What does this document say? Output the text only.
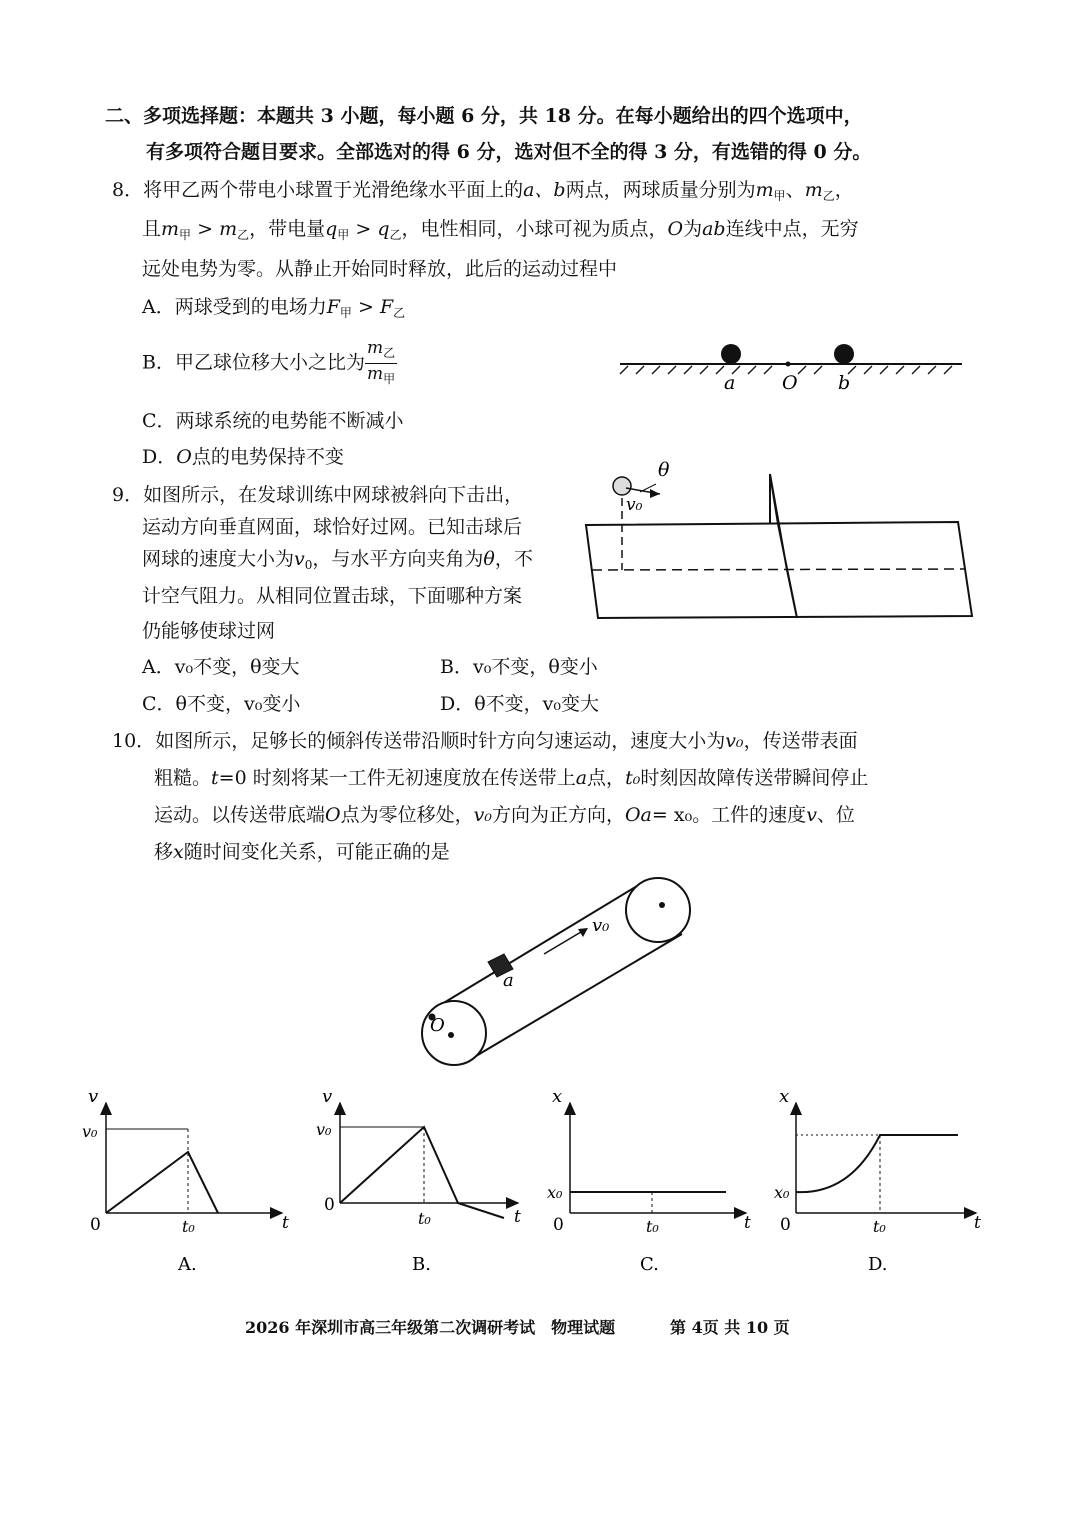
二、多项选择题：本题共 3 小题，每小题 6 分，共 18 分。在每小题给出的四个选项中，
有多项符合题目要求。全部选对的得 6 分，选对但不全的得 3 分，有选错的得 0 分。
8．将甲乙两个带电小球置于光滑绝缘水平面上的a、b两点，两球质量分别为$m_甲$、$m_乙$，
且$m_甲 > m_乙$，带电量$q_甲 > q_乙$，电性相同，小球可视为质点，O为ab连线中点，无穷
远处电势为零。从静止开始同时释放，此后的运动过程中
A．两球受到的电场力$F_甲 > F_乙$
B．甲乙球位移大小之比为 $\frac{m_乙}{m_甲}$
C．两球系统的电势能不断减小
D．O点的电势保持不变
a O b
9．如图所示，在发球训练中网球被斜向下击出，
运动方向垂直网面，球恰好过网。已知击球后
网球的速度大小为$v_0$，与水平方向夹角为θ，不
计空气阻力。从相同位置击球，下面哪种方案
仍能够使球过网
A．v₀不变，θ变大	B．v₀不变，θ变小
C．θ不变，v₀变小	D．θ不变，v₀变大
θ
v₀
10．如图所示，足够长的倾斜传送带沿顺时针方向匀速运动，速度大小为v₀，传送带表面
粗糙。t=0 时刻将某一工件无初速度放在传送带上a点，t₀时刻因故障传送带瞬间停止
运动。以传送带底端O点为零位移处，v₀方向为正方向，Oa= x₀。工件的速度v、位
移x随时间变化关系，可能正确的是
v₀
a
O
v
v₀
0	t₀	t
A.
v
v₀
0
t₀	t
B.
x
x₀
0	t₀	t
C.
x
x₀
0	t₀	t
D.
2026 年深圳市高三年级第二次调研考试　物理试题	第 4页 共 10 页
